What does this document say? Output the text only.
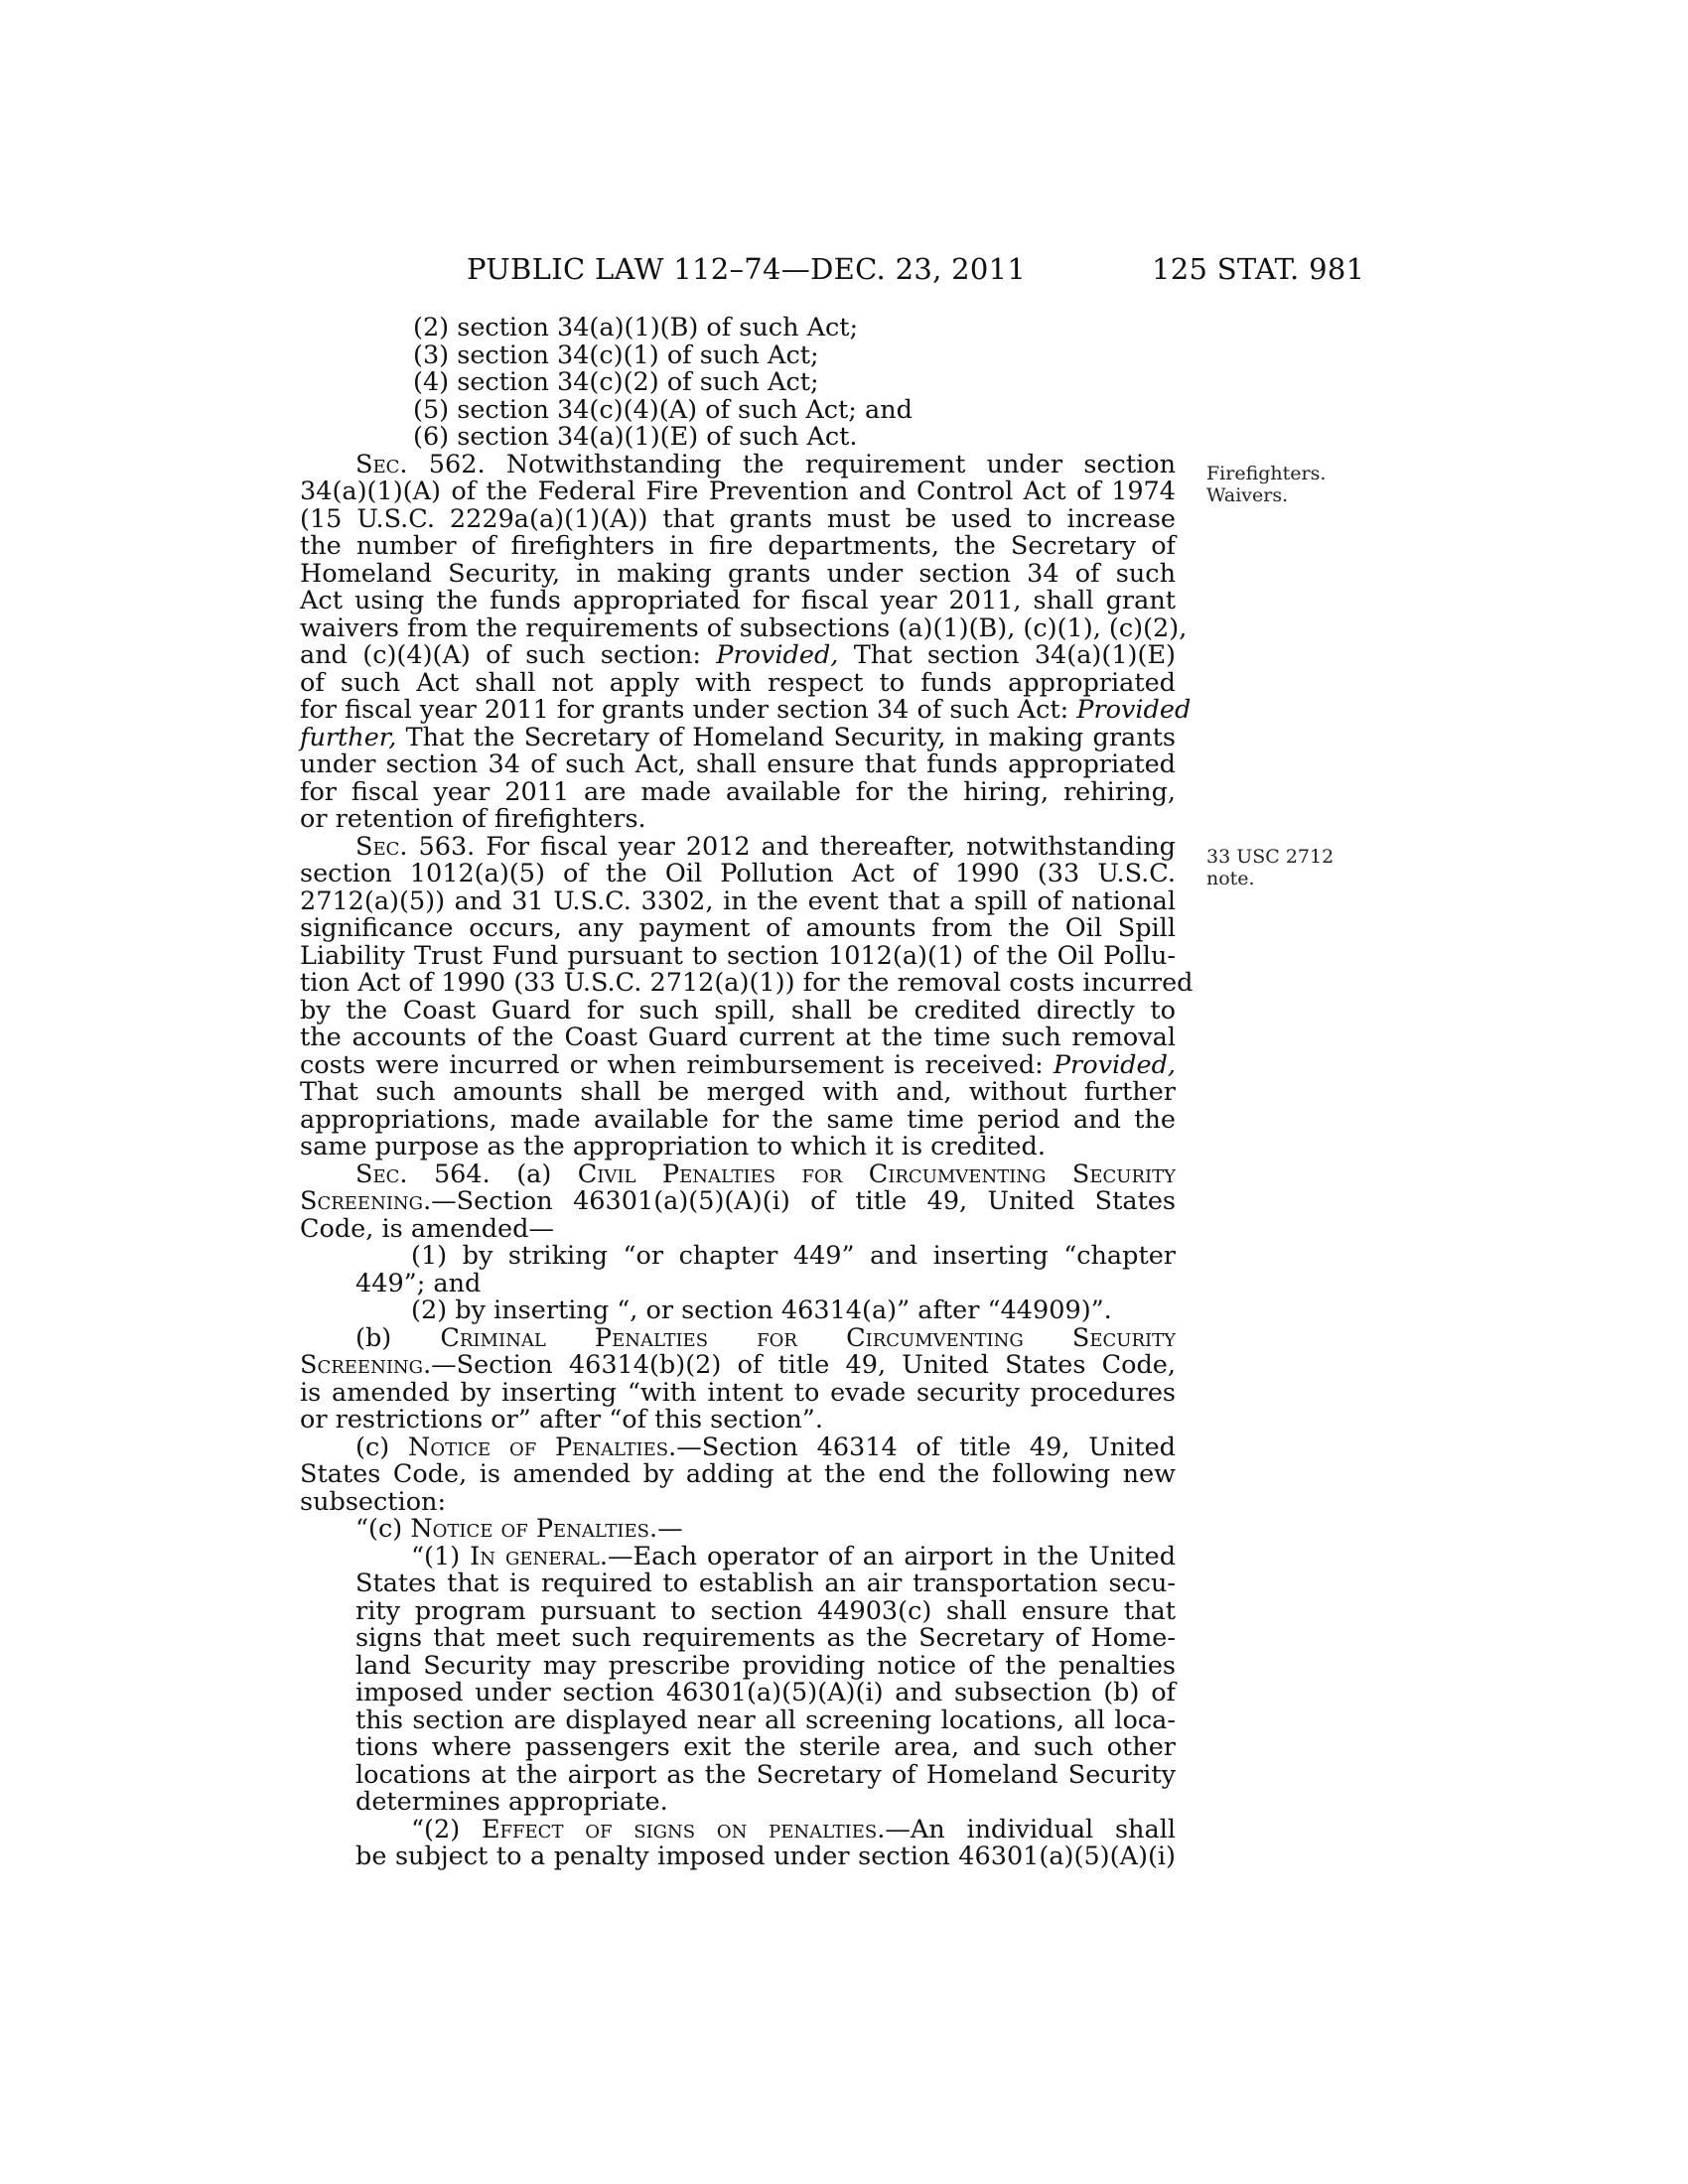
PUBLIC LAW 112–74—DEC. 23, 2011	125 STAT. 981
Firefighters.
Waivers.
33 USC 2712
note.
(2) section 34(a)(1)(B) of such Act;
(3) section 34(c)(1) of such Act;
(4) section 34(c)(2) of such Act;
(5) section 34(c)(4)(A) of such Act; and
(6) section 34(a)(1)(E) of such Act.
Sec. 562. Notwithstanding the requirement under section
34(a)(1)(A) of the Federal Fire Prevention and Control Act of 1974
(15 U.S.C. 2229a(a)(1)(A)) that grants must be used to increase
the number of firefighters in fire departments, the Secretary of
Homeland Security, in making grants under section 34 of such
Act using the funds appropriated for fiscal year 2011, shall grant
waivers from the requirements of subsections (a)(1)(B), (c)(1), (c)(2),
and (c)(4)(A) of such section: Provided, That section 34(a)(1)(E)
of such Act shall not apply with respect to funds appropriated
for fiscal year 2011 for grants under section 34 of such Act: Provided
further, That the Secretary of Homeland Security, in making grants
under section 34 of such Act, shall ensure that funds appropriated
for fiscal year 2011 are made available for the hiring, rehiring,
or retention of firefighters.
Sec. 563. For fiscal year 2012 and thereafter, notwithstanding
section 1012(a)(5) of the Oil Pollution Act of 1990 (33 U.S.C.
2712(a)(5)) and 31 U.S.C. 3302, in the event that a spill of national
significance occurs, any payment of amounts from the Oil Spill
Liability Trust Fund pursuant to section 1012(a)(1) of the Oil Pollu-
tion Act of 1990 (33 U.S.C. 2712(a)(1)) for the removal costs incurred
by the Coast Guard for such spill, shall be credited directly to
the accounts of the Coast Guard current at the time such removal
costs were incurred or when reimbursement is received: Provided,
That such amounts shall be merged with and, without further
appropriations, made available for the same time period and the
same purpose as the appropriation to which it is credited.
Sec. 564. (a) Civil Penalties for Circumventing Security
Screening.—Section 46301(a)(5)(A)(i) of title 49, United States
Code, is amended—
(1) by striking “or chapter 449” and inserting “chapter
449”; and
(2) by inserting “, or section 46314(a)” after “44909)”.
(b) Criminal Penalties for Circumventing Security
Screening.—Section 46314(b)(2) of title 49, United States Code,
is amended by inserting “with intent to evade security procedures
or restrictions or” after “of this section”.
(c) Notice of Penalties.—Section 46314 of title 49, United
States Code, is amended by adding at the end the following new
subsection:
“(c) Notice of Penalties.—
“(1) In general.—Each operator of an airport in the United
States that is required to establish an air transportation secu-
rity program pursuant to section 44903(c) shall ensure that
signs that meet such requirements as the Secretary of Home-
land Security may prescribe providing notice of the penalties
imposed under section 46301(a)(5)(A)(i) and subsection (b) of
this section are displayed near all screening locations, all loca-
tions where passengers exit the sterile area, and such other
locations at the airport as the Secretary of Homeland Security
determines appropriate.
“(2) Effect of signs on penalties.—An individual shall
be subject to a penalty imposed under section 46301(a)(5)(A)(i)
